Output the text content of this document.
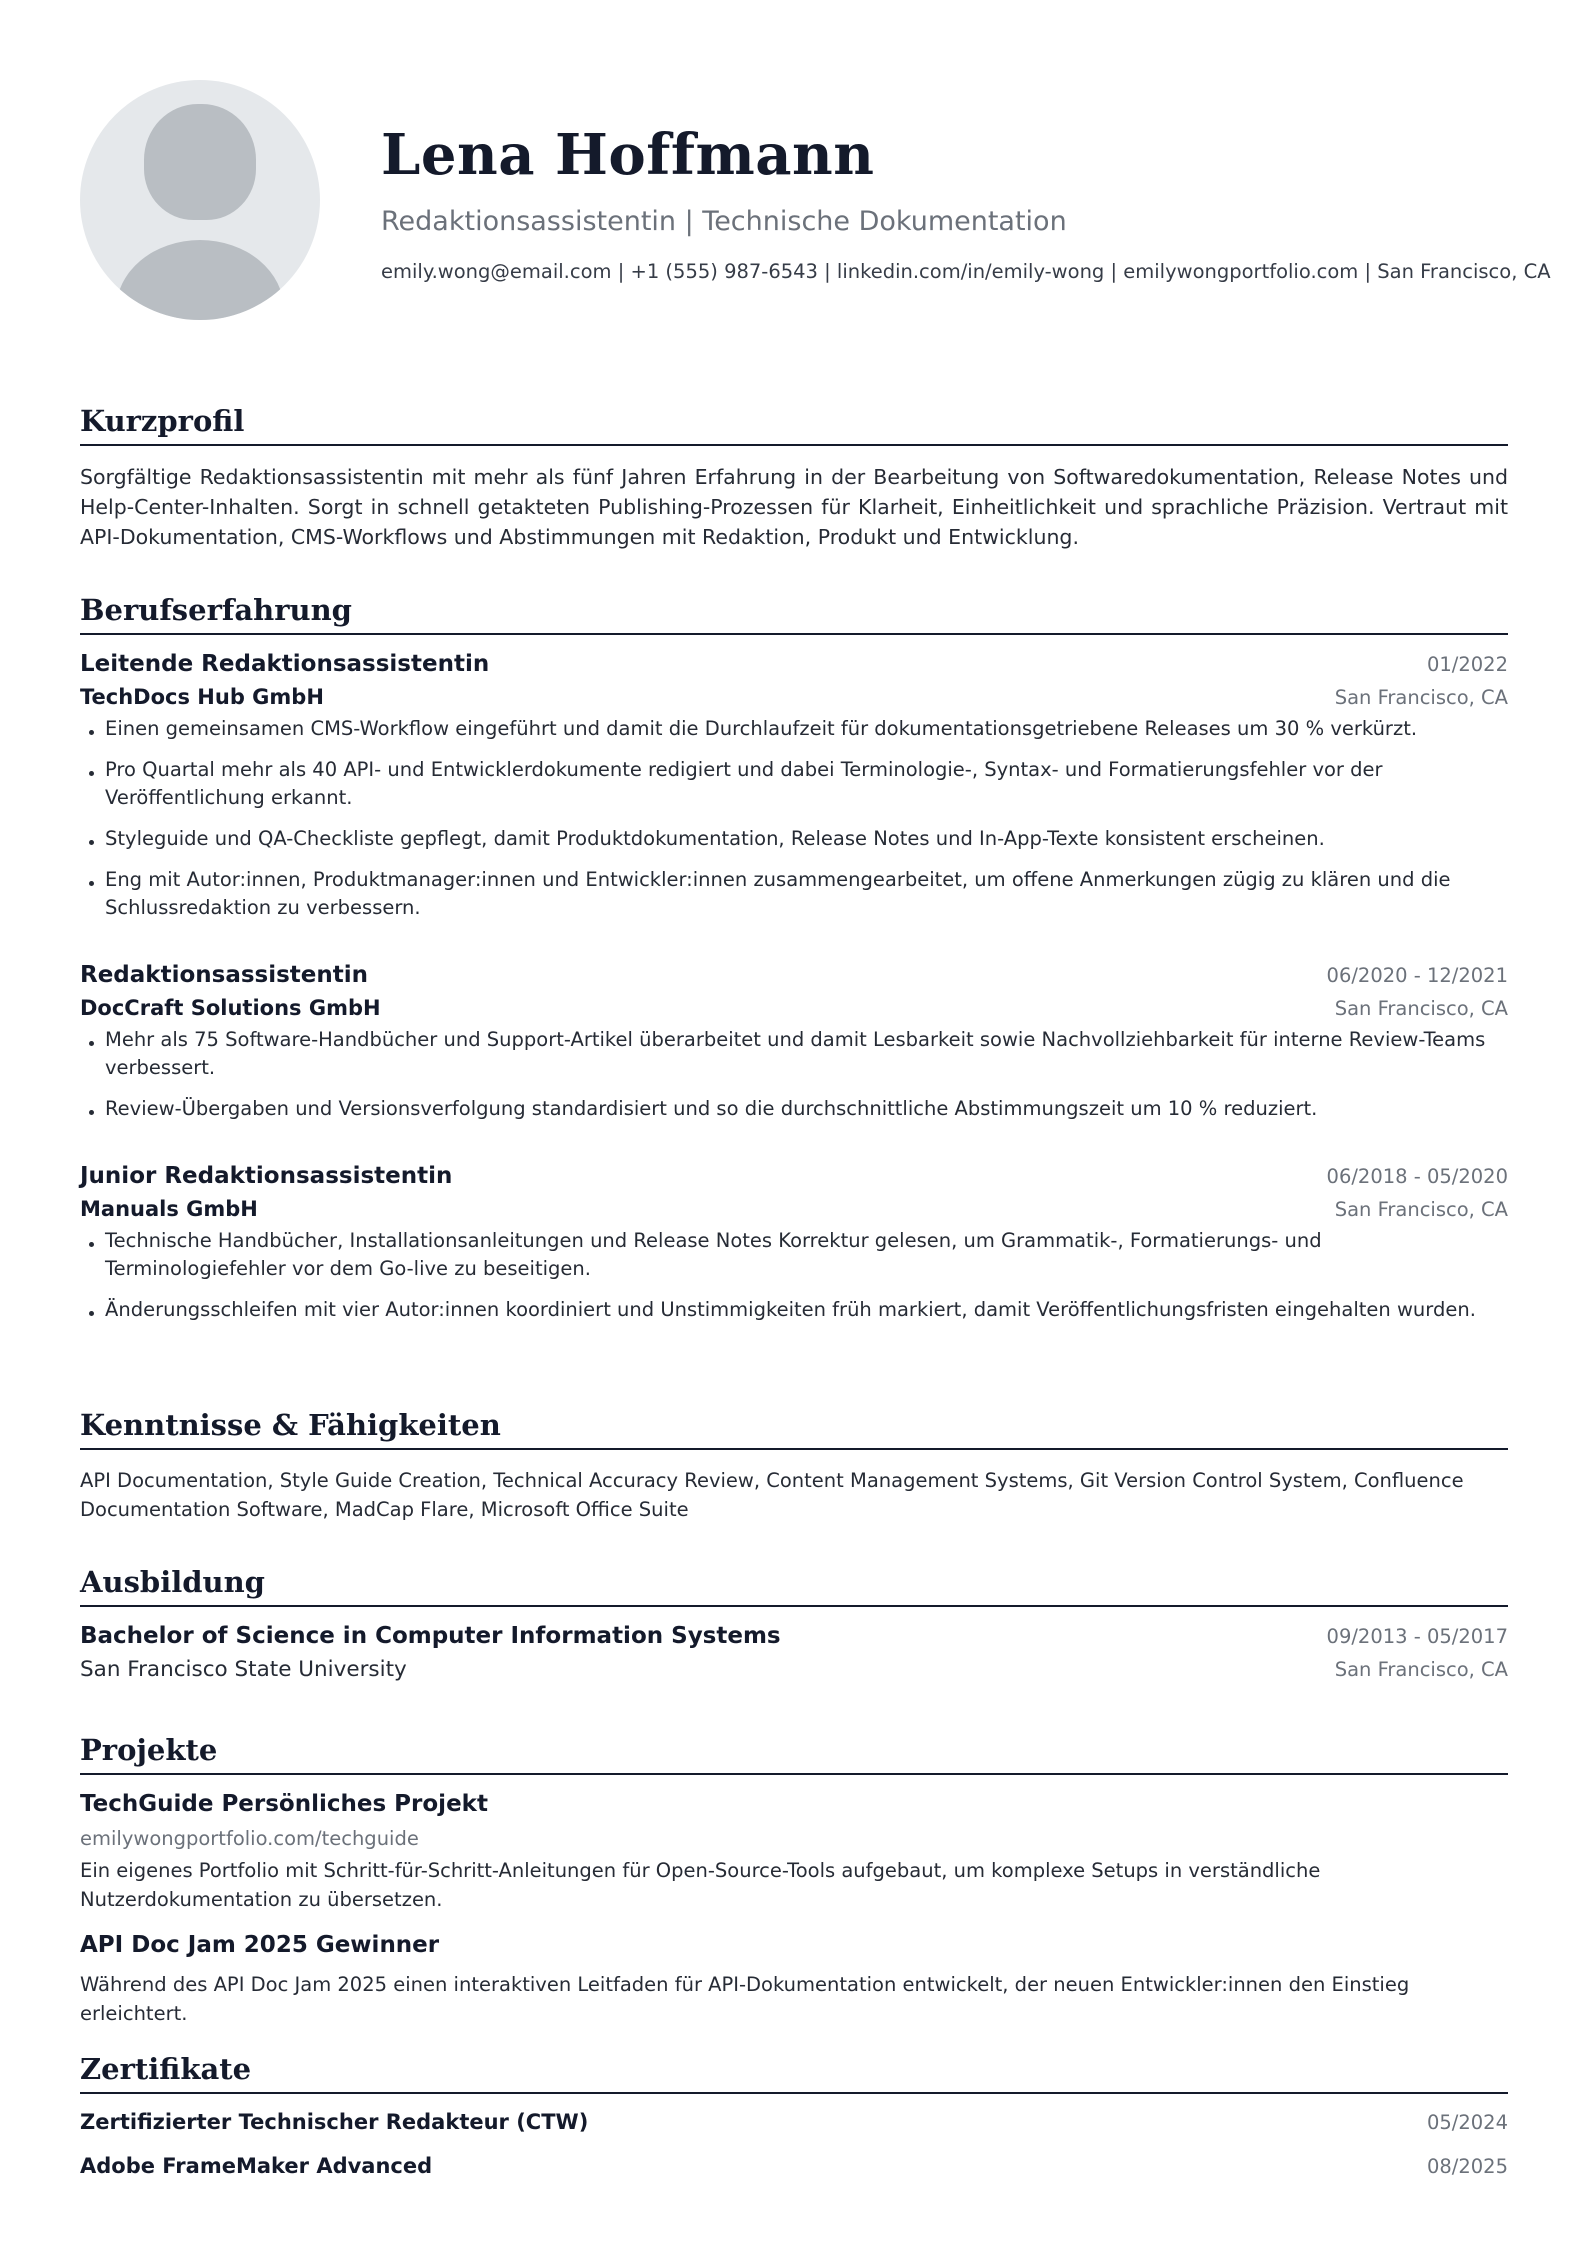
Lena Hoffmann
Redaktionsassistentin | Technische Dokumentation
emily.wong@email.com | +1 (555) 987-6543 | linkedin.com/in/emily-wong | emilywongportfolio.com | San Francisco, CA
Kurzprofil
Sorgfältige Redaktionsassistentin mit mehr als fünf Jahren Erfahrung in der Bearbeitung von Softwaredokumentation, Release Notes und Help-Center-Inhalten. Sorgt in schnell getakteten Publishing-Prozessen für Klarheit, Einheitlichkeit und sprachliche Präzision. Vertraut mit API-Dokumentation, CMS-Workflows und Abstimmungen mit Redaktion, Produkt und Entwicklung.
Berufserfahrung
Leitende Redaktionsassistentin	01/2022
TechDocs Hub GmbH	San Francisco, CA
Einen gemeinsamen CMS-Workflow eingeführt und damit die Durchlaufzeit für dokumentationsgetriebene Releases um 30 % verkürzt.
Pro Quartal mehr als 40 API- und Entwicklerdokumente redigiert und dabei Terminologie-, Syntax- und Formatierungsfehler vor der Veröffentlichung erkannt.
Styleguide und QA-Checkliste gepflegt, damit Produktdokumentation, Release Notes und In-App-Texte konsistent erscheinen.
Eng mit Autor:innen, Produktmanager:innen und Entwickler:innen zusammengearbeitet, um offene Anmerkungen zügig zu klären und die Schlussredaktion zu verbessern.
Redaktionsassistentin	06/2020 - 12/2021
DocCraft Solutions GmbH	San Francisco, CA
Mehr als 75 Software-Handbücher und Support-Artikel überarbeitet und damit Lesbarkeit sowie Nachvollziehbarkeit für interne Review-Teams verbessert.
Review-Übergaben und Versionsverfolgung standardisiert und so die durchschnittliche Abstimmungszeit um 10 % reduziert.
Junior Redaktionsassistentin	06/2018 - 05/2020
Manuals GmbH	San Francisco, CA
Technische Handbücher, Installationsanleitungen und Release Notes Korrektur gelesen, um Grammatik-, Formatierungs- und Terminologiefehler vor dem Go-live zu beseitigen.
Änderungsschleifen mit vier Autor:innen koordiniert und Unstimmigkeiten früh markiert, damit Veröffentlichungsfristen eingehalten wurden.
Kenntnisse & Fähigkeiten
API Documentation, Style Guide Creation, Technical Accuracy Review, Content Management Systems, Git Version Control System, Confluence Documentation Software, MadCap Flare, Microsoft Office Suite
Ausbildung
Bachelor of Science in Computer Information Systems	09/2013 - 05/2017
San Francisco State University	San Francisco, CA
Projekte
TechGuide Persönliches Projekt
emilywongportfolio.com/techguide
Ein eigenes Portfolio mit Schritt-für-Schritt-Anleitungen für Open-Source-Tools aufgebaut, um komplexe Setups in verständliche Nutzerdokumentation zu übersetzen.
API Doc Jam 2025 Gewinner
Während des API Doc Jam 2025 einen interaktiven Leitfaden für API-Dokumentation entwickelt, der neuen Entwickler:innen den Einstieg erleichtert.
Zertifikate
Zertifizierter Technischer Redakteur (CTW)	05/2024
Adobe FrameMaker Advanced	08/2025
